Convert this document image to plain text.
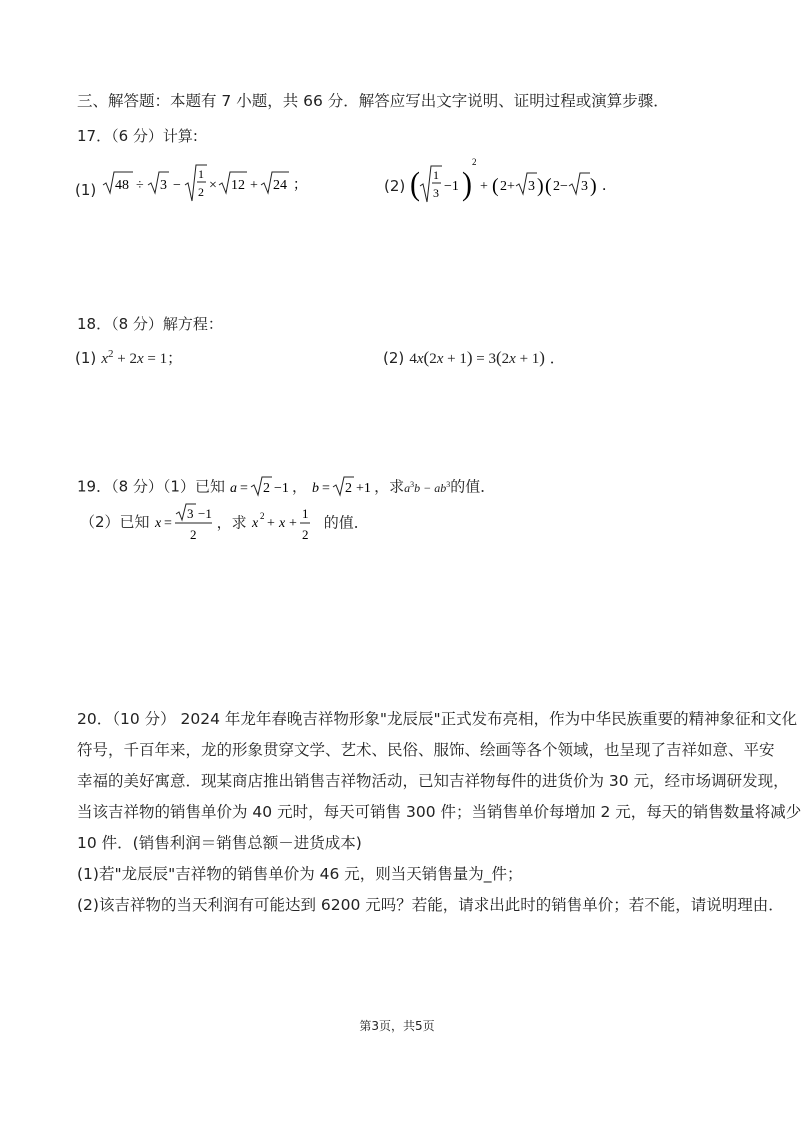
三、解答题：本题有 7 小题，共 66 分．解答应写出文字说明、证明过程或演算步骤．
17．（6 分）计算:
(1) 48 ÷ 3 −
1
2 × 12 + 24 ；	(2) ( 1
3 −1 )
2
+ ( 2+ 3 ) ( 2− 3 ) ．
18．（8 分）解方程：
(1) $x^2 + 2x = 1$；	(2) 4x(2x + 1) = 3(2x + 1) ．
19．（8 分）（1）已知 a = 2 −1 ， b = 2 +1 ，求$a^3b - ab^3$的值．
（2）已知 x =
3 −1
2
，求 x 2 + x +
1
2
的值．
20．（10 分） 2024 年龙年春晚吉祥物形象"龙辰辰"正式发布亮相，作为中华民族重要的精神象征和文化
符号，千百年来，龙的形象贯穿文学、艺术、民俗、服饰、绘画等各个领域，也呈现了吉祥如意、平安
幸福的美好寓意．现某商店推出销售吉祥物活动，已知吉祥物每件的进货价为 30 元，经市场调研发现，
当该吉祥物的销售单价为 40 元时，每天可销售 300 件；当销售单价每增加 2 元，每天的销售数量将减少
10 件．(销售利润＝销售总额－进货成本)
(1)若"龙辰辰"吉祥物的销售单价为 46 元，则当天销售量为_件；
(2)该吉祥物的当天利润有可能达到 6200 元吗？若能，请求出此时的销售单价；若不能，请说明理由．
第3页，共5页
